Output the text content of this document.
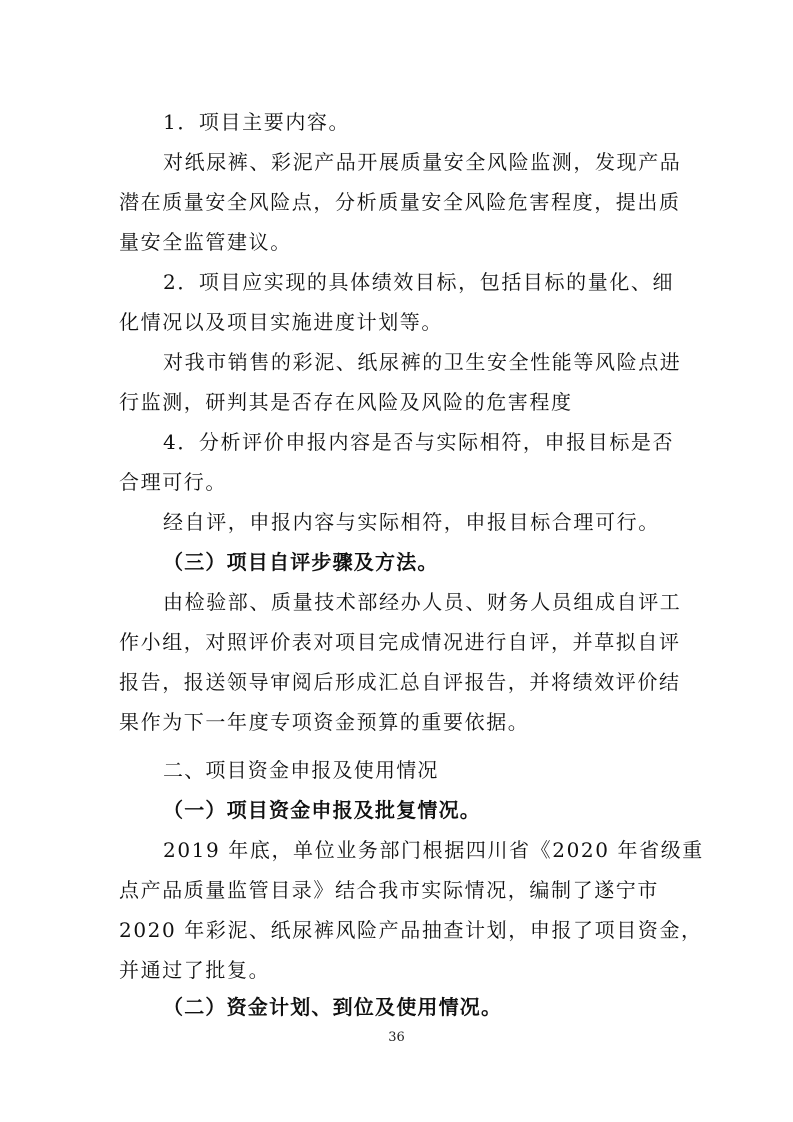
1．项目主要内容。
对纸尿裤、彩泥产品开展质量安全风险监测，发现产品
潜在质量安全风险点，分析质量安全风险危害程度，提出质
量安全监管建议。
2．项目应实现的具体绩效目标，包括目标的量化、细
化情况以及项目实施进度计划等。
对我市销售的彩泥、纸尿裤的卫生安全性能等风险点进
行监测，研判其是否存在风险及风险的危害程度
4．分析评价申报内容是否与实际相符，申报目标是否
合理可行。
经自评，申报内容与实际相符，申报目标合理可行。
（三）项目自评步骤及方法。
由检验部、质量技术部经办人员、财务人员组成自评工
作小组，对照评价表对项目完成情况进行自评，并草拟自评
报告，报送领导审阅后形成汇总自评报告，并将绩效评价结
果作为下一年度专项资金预算的重要依据。
二、项目资金申报及使用情况
（一）项目资金申报及批复情况。
2019 年底，单位业务部门根据四川省《2020 年省级重
点产品质量监管目录》结合我市实际情况，编制了遂宁市
2020 年彩泥、纸尿裤风险产品抽查计划，申报了项目资金，
并通过了批复。
（二）资金计划、到位及使用情况。
36
